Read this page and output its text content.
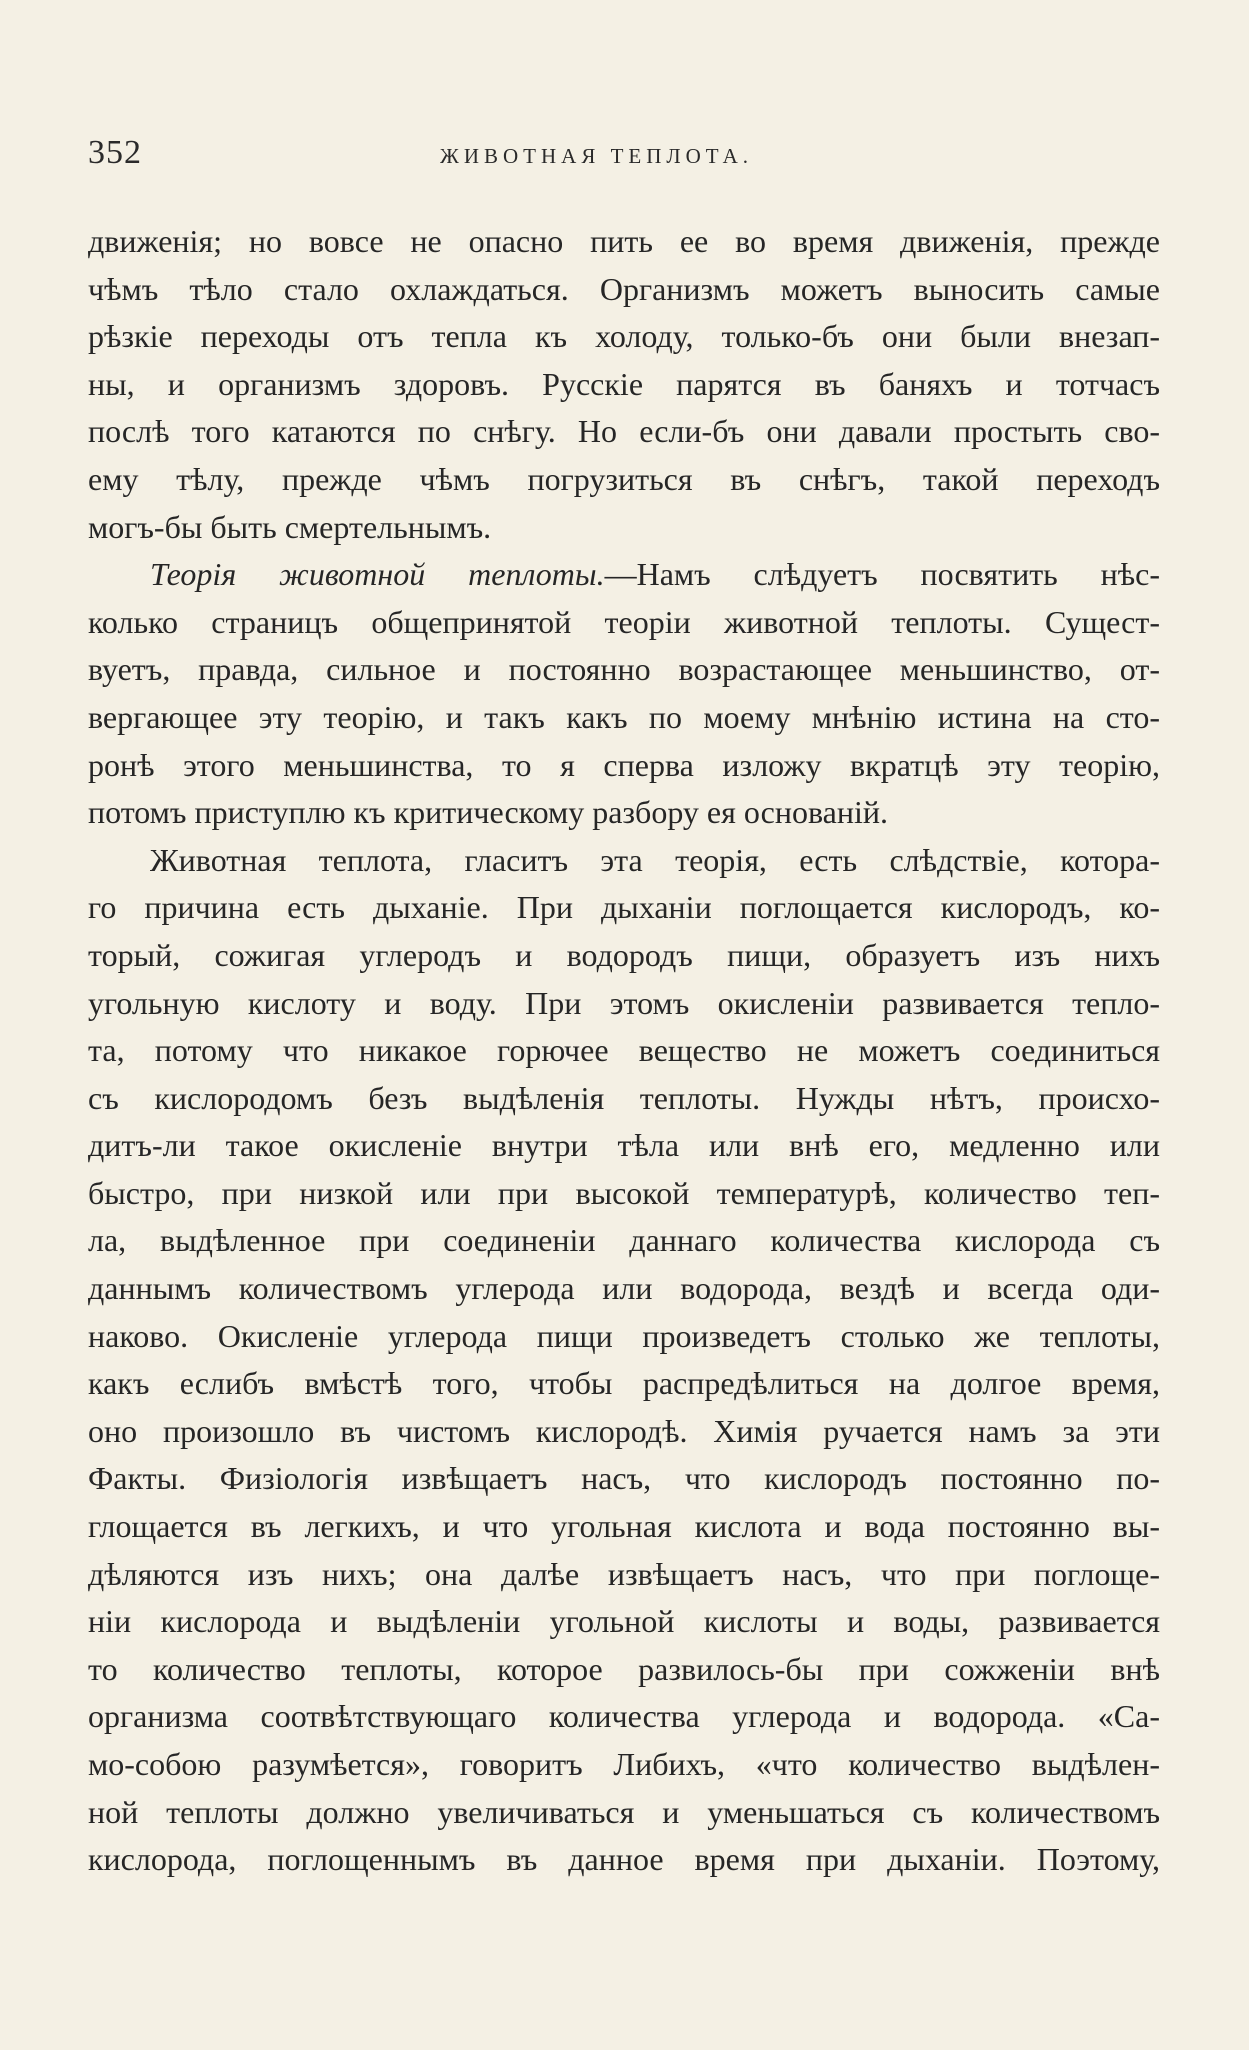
352	ЖИВОТНАЯ ТЕПЛОТА.
движенія; но вовсе не опасно пить ее во время движенія, прежде
чѣмъ тѣло стало охлаждаться. Организмъ можетъ выносить самые
рѣзкіе переходы отъ тепла къ холоду, только-бъ они были внезап-
ны, и организмъ здоровъ. Русскіе парятся въ баняхъ и тотчасъ
послѣ того катаются по снѣгу. Но если-бъ они давали простыть сво-
ему тѣлу, прежде чѣмъ погрузиться въ снѣгъ, такой переходъ
могъ-бы быть смертельнымъ.
Теорія животной теплоты.—Намъ слѣдуетъ посвятить нѣс-
колько страницъ общепринятой теоріи животной теплоты. Сущест-
вуетъ, правда, сильное и постоянно возрастающее меньшинство, от-
вергающее эту теорію, и такъ какъ по моему мнѣнію истина на сто-
ронѣ этого меньшинства, то я сперва изложу вкратцѣ эту теорію,
потомъ приступлю къ критическому разбору ея основаній.
Животная теплота, гласитъ эта теорія, есть слѣдствіе, котора-
го причина есть дыханіе. При дыханіи поглощается кислородъ, ко-
торый, сожигая углеродъ и водородъ пищи, образуетъ изъ нихъ
угольную кислоту и воду. При этомъ окисленіи развивается тепло-
та, потому что никакое горючее вещество не можетъ соединиться
съ кислородомъ безъ выдѣленія теплоты. Нужды нѣтъ, происхо-
дитъ-ли такое окисленіе внутри тѣла или внѣ его, медленно или
быстро, при низкой или при высокой температурѣ, количество теп-
ла, выдѣленное при соединеніи даннаго количества кислорода съ
даннымъ количествомъ углерода или водорода, вездѣ и всегда оди-
наково. Окисленіе углерода пищи произведетъ столько же теплоты,
какъ еслибъ вмѣстѣ того, чтобы распредѣлиться на долгое время,
оно произошло въ чистомъ кислородѣ. Химія ручается намъ за эти
Факты. Физіологія извѣщаетъ насъ, что кислородъ постоянно по-
глощается въ легкихъ, и что угольная кислота и вода постоянно вы-
дѣляются изъ нихъ; она далѣе извѣщаетъ насъ, что при поглоще-
ніи кислорода и выдѣленіи угольной кислоты и воды, развивается
то количество теплоты, которое развилось-бы при сожженіи внѣ
организма соотвѣтствующаго количества углерода и водорода. «Са-
мо-собою разумѣется», говоритъ Либихъ, «что количество выдѣлен-
ной теплоты должно увеличиваться и уменьшаться съ количествомъ
кислорода, поглощеннымъ въ данное время при дыханіи. Поэтому,
